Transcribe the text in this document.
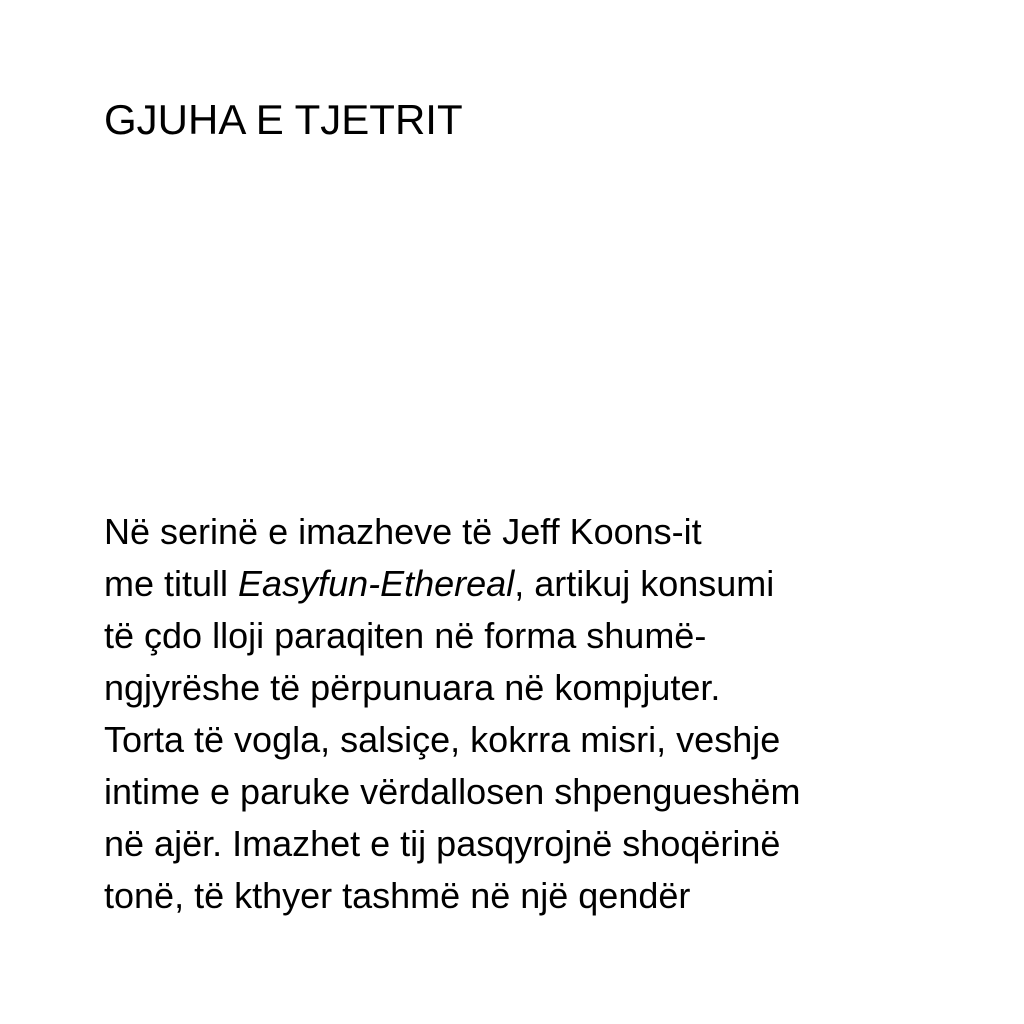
GJUHA E TJETRIT
Në serinë e imazheve të Jeff Koons-it
me titull Easyfun-Ethereal, artikuj konsumi
të çdo lloji paraqiten në forma shumë-
ngjyrëshe të përpunuara në kompjuter.
Torta të vogla, salsiçe, kokrra misri, veshje
intime e paruke vërdallosen shpengueshëm
në ajër. Imazhet e tij pasqyrojnë shoqërinë
tonë, të kthyer tashmë në një qendër
